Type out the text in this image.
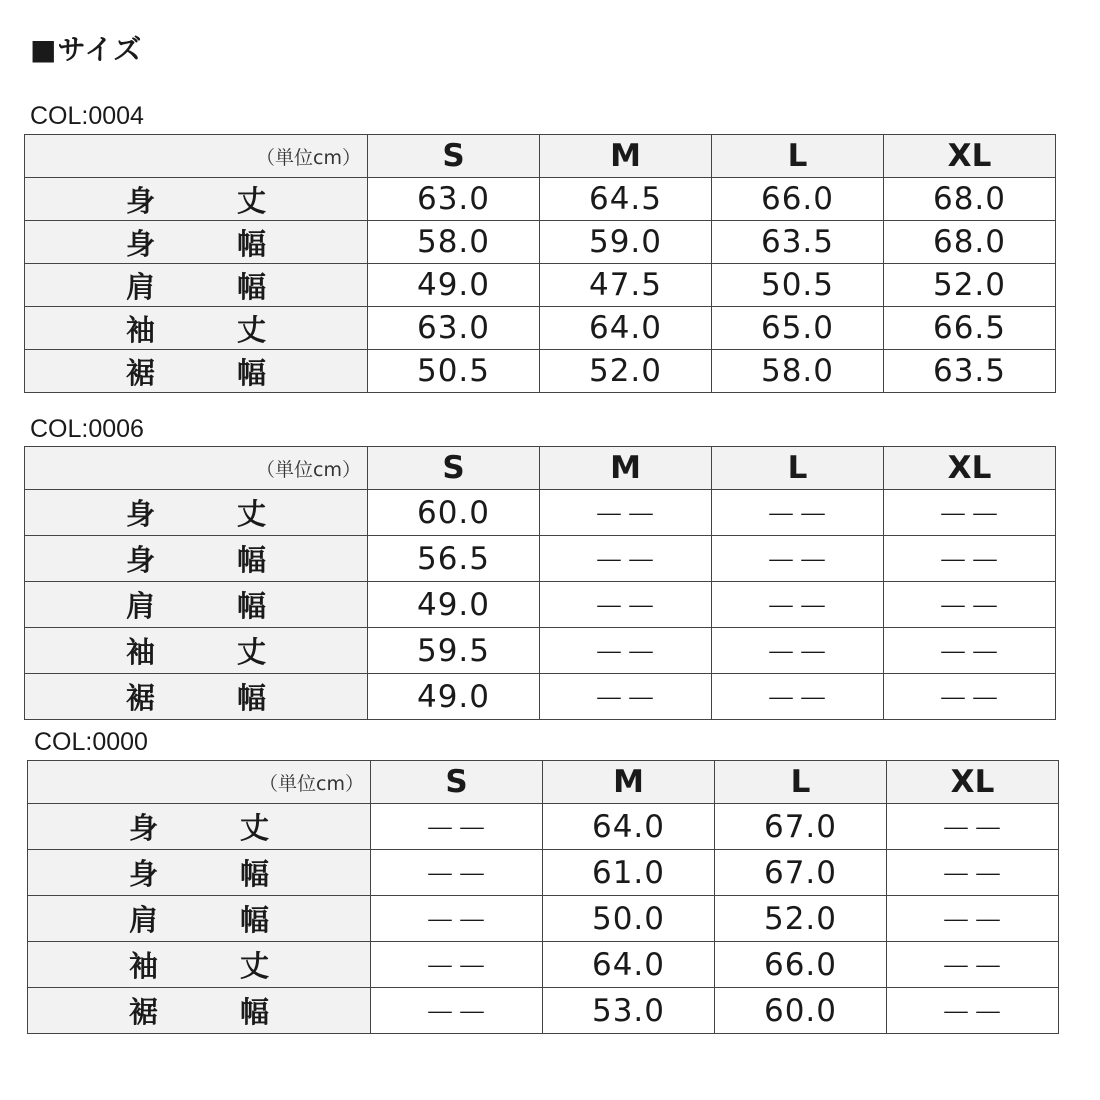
■サイズ
COL:0004
（単位cm）	S	M	L	XL
身　丈	63.0	64.5	66.0	68.0
身　幅	58.0	59.0	63.5	68.0
肩　幅	49.0	47.5	50.5	52.0
袖　丈	63.0	64.0	65.0	66.5
裾　幅	50.5	52.0	58.0	63.5
COL:0006
（単位cm）	S	M	L	XL
身　丈	60.0	－－	－－	－－
身　幅	56.5	－－	－－	－－
肩　幅	49.0	－－	－－	－－
袖　丈	59.5	－－	－－	－－
裾　幅	49.0	－－	－－	－－
COL:0000
（単位cm）	S	M	L	XL
身　丈	－－	64.0	67.0	－－
身　幅	－－	61.0	67.0	－－
肩　幅	－－	50.0	52.0	－－
袖　丈	－－	64.0	66.0	－－
裾　幅	－－	53.0	60.0	－－
